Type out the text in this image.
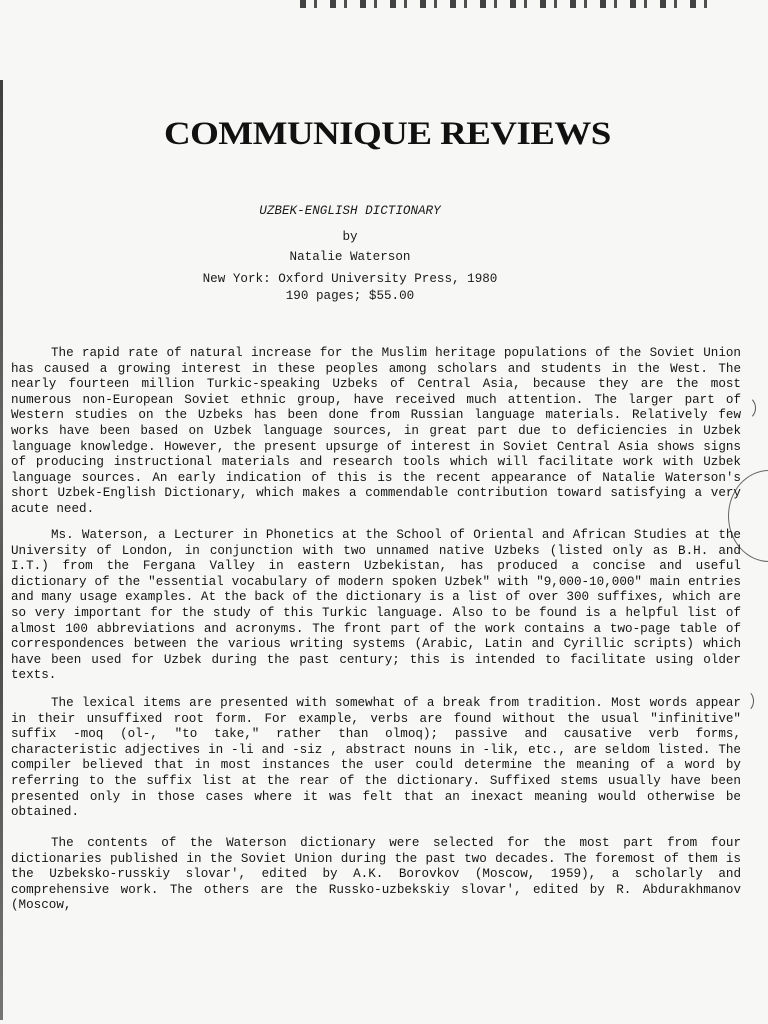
COMMUNIQUE REVIEWS
UZBEK-ENGLISH DICTIONARY
by
Natalie Waterson
New York: Oxford University Press, 1980
190 pages; $55.00

The rapid rate of natural increase for the Muslim heritage populations of the Soviet Union has caused a growing interest in these peoples among scholars and students in the West. The nearly fourteen million Turkic-speaking Uzbeks of Central Asia, because they are the most numerous non-European Soviet ethnic group, have received much attention. The larger part of Western studies on the Uzbeks has been done from Russian language materials. Relatively few works have been based on Uzbek language sources, in great part due to deficiencies in Uzbek language knowledge. However, the present upsurge of interest in Soviet Central Asia shows signs of producing instructional materials and research tools which will facilitate work with Uzbek language sources. An early indication of this is the recent appearance of Natalie Waterson's short Uzbek-English Dictionary, which makes a commendable contribution toward satisfying a very acute need.

Ms. Waterson, a Lecturer in Phonetics at the School of Oriental and African Studies at the University of London, in conjunction with two unnamed native Uzbeks (listed only as B.H. and I.T.) from the Fergana Valley in eastern Uzbekistan, has produced a concise and useful dictionary of the "essential vocabulary of modern spoken Uzbek" with "9,000-10,000" main entries and many usage examples. At the back of the dictionary is a list of over 300 suffixes, which are so very important for the study of this Turkic language. Also to be found is a helpful list of almost 100 abbreviations and acronyms. The front part of the work contains a two-page table of correspondences between the various writing systems (Arabic, Latin and Cyrillic scripts) which have been used for Uzbek during the past century; this is intended to facilitate using older texts.

The lexical items are presented with somewhat of a break from tradition. Most words appear in their unsuffixed root form. For example, verbs are found without the usual "infinitive" suffix -moq (ol-, "to take," rather than olmoq); passive and causative verb forms, characteristic adjectives in -li and -siz , abstract nouns in -lik, etc., are seldom listed. The compiler believed that in most instances the user could determine the meaning of a word by referring to the suffix list at the rear of the dictionary. Suffixed stems usually have been presented only in those cases where it was felt that an inexact meaning would otherwise be obtained.

The contents of the Waterson dictionary were selected for the most part from four dictionaries published in the Soviet Union during the past two decades. The foremost of them is the Uzbeksko-russkiy slovar', edited by A.K. Borovkov (Moscow, 1959), a scholarly and comprehensive work. The others are the Russko-uzbekskiy slovar', edited by R. Abdurakhmanov (Moscow,
